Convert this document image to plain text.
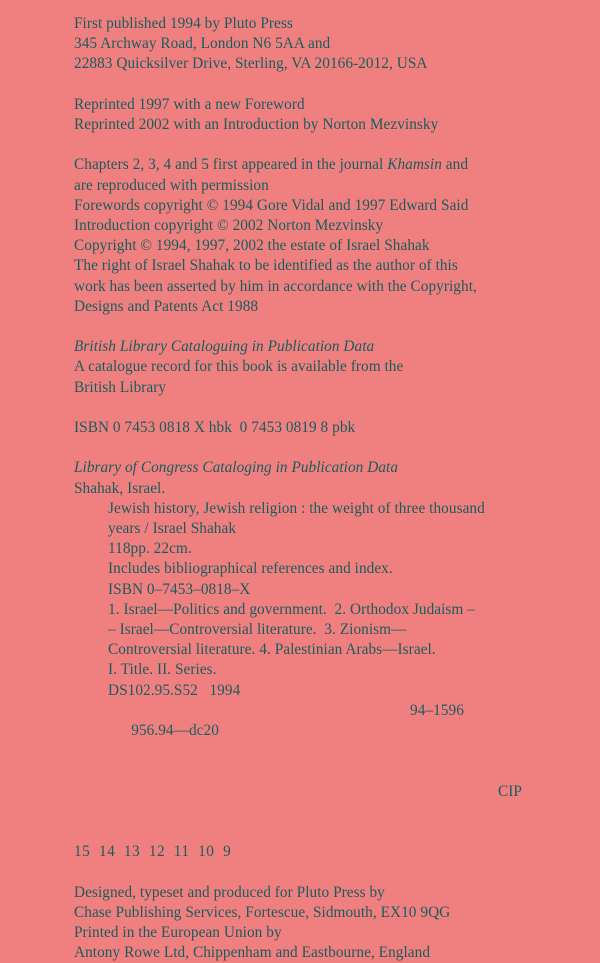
First published 1994 by Pluto Press
345 Archway Road, London N6 5AA and
22883 Quicksilver Drive, Sterling, VA 20166-2012, USA
Reprinted 1997 with a new Foreword
Reprinted 2002 with an Introduction by Norton Mezvinsky
Chapters 2, 3, 4 and 5 first appeared in the journal Khamsin and
are reproduced with permission
Forewords copyright © 1994 Gore Vidal and 1997 Edward Said
Introduction copyright © 2002 Norton Mezvinsky
Copyright © 1994, 1997, 2002 the estate of Israel Shahak
The right of Israel Shahak to be identified as the author of this
work has been asserted by him in accordance with the Copyright,
Designs and Patents Act 1988
British Library Cataloguing in Publication Data
A catalogue record for this book is available from the
British Library
ISBN 0 7453 0818 X hbk  0 7453 0819 8 pbk
Library of Congress Cataloging in Publication Data
Shahak, Israel.
Jewish history, Jewish religion : the weight of three thousand
years / Israel Shahak
118pp. 22cm.
Includes bibliographical references and index.
ISBN 0–7453–0818–X
1. Israel—Politics and government.  2. Orthodox Judaism –
– Israel—Controversial literature.  3. Zionism—
Controversial literature. 4. Palestinian Arabs—Israel.
I. Title. II. Series.
DS102.95.S52   1994

956.94—dc20

94–1596

CIP
15  14  13  12  11  10  9
Designed, typeset and produced for Pluto Press by
Chase Publishing Services, Fortescue, Sidmouth, EX10 9QG
Printed in the European Union by
Antony Rowe Ltd, Chippenham and Eastbourne, England
